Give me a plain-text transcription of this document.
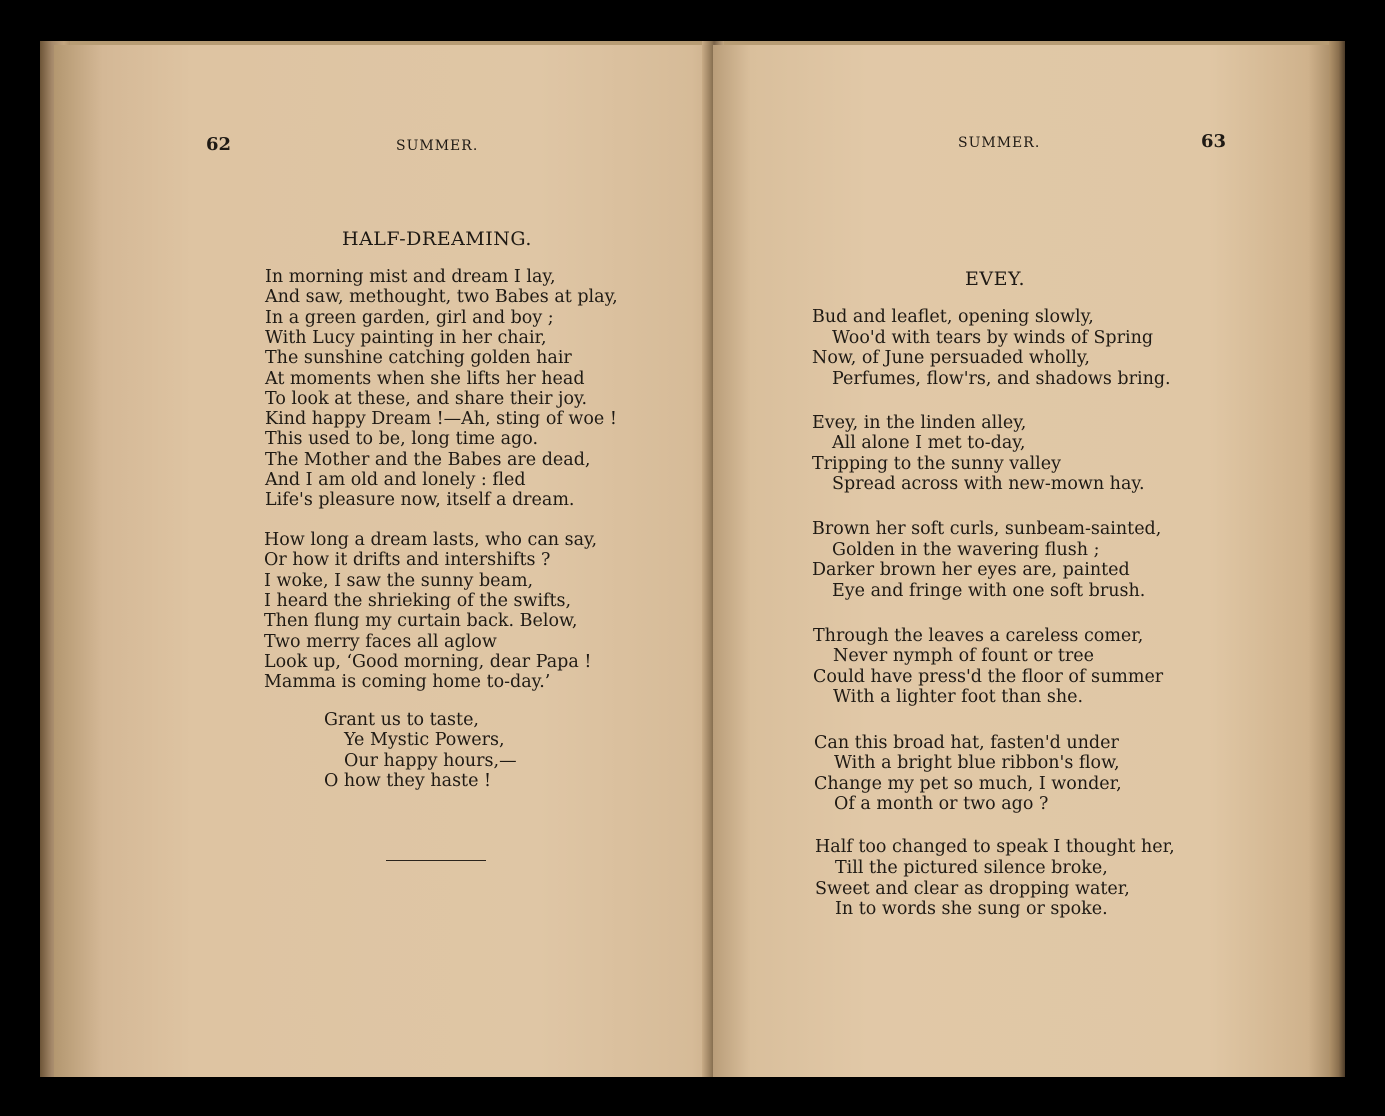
62	SUMMER.
HALF-DREAMING.
In morning mist and dream I lay,
And saw, methought, two Babes at play,
In a green garden, girl and boy ;
With Lucy painting in her chair,
The sunshine catching golden hair
At moments when she lifts her head
To look at these, and share their joy.
Kind happy Dream !—Ah, sting of woe !
This used to be, long time ago.
The Mother and the Babes are dead,
And I am old and lonely : fled
Life's pleasure now, itself a dream.
How long a dream lasts, who can say,
Or how it drifts and intershifts ?
I woke, I saw the sunny beam,
I heard the shrieking of the swifts,
Then flung my curtain back. Below,
Two merry faces all aglow
Look up, ‘Good morning, dear Papa !
Mamma is coming home to-day.’
Grant us to taste,
Ye Mystic Powers,
Our happy hours,—
O how they haste !
63
SUMMER.
EVEY.
Bud and leaflet, opening slowly,
Woo'd with tears by winds of Spring
Now, of June persuaded wholly,
Perfumes, flow'rs, and shadows bring.
Evey, in the linden alley,
All alone I met to-day,
Tripping to the sunny valley
Spread across with new-mown hay.
Brown her soft curls, sunbeam-sainted,
Golden in the wavering flush ;
Darker brown her eyes are, painted
Eye and fringe with one soft brush.
Through the leaves a careless comer,
Never nymph of fount or tree
Could have press'd the floor of summer
With a lighter foot than she.
Can this broad hat, fasten'd under
With a bright blue ribbon's flow,
Change my pet so much, I wonder,
Of a month or two ago ?
Half too changed to speak I thought her,
Till the pictured silence broke,
Sweet and clear as dropping water,
In to words she sung or spoke.
